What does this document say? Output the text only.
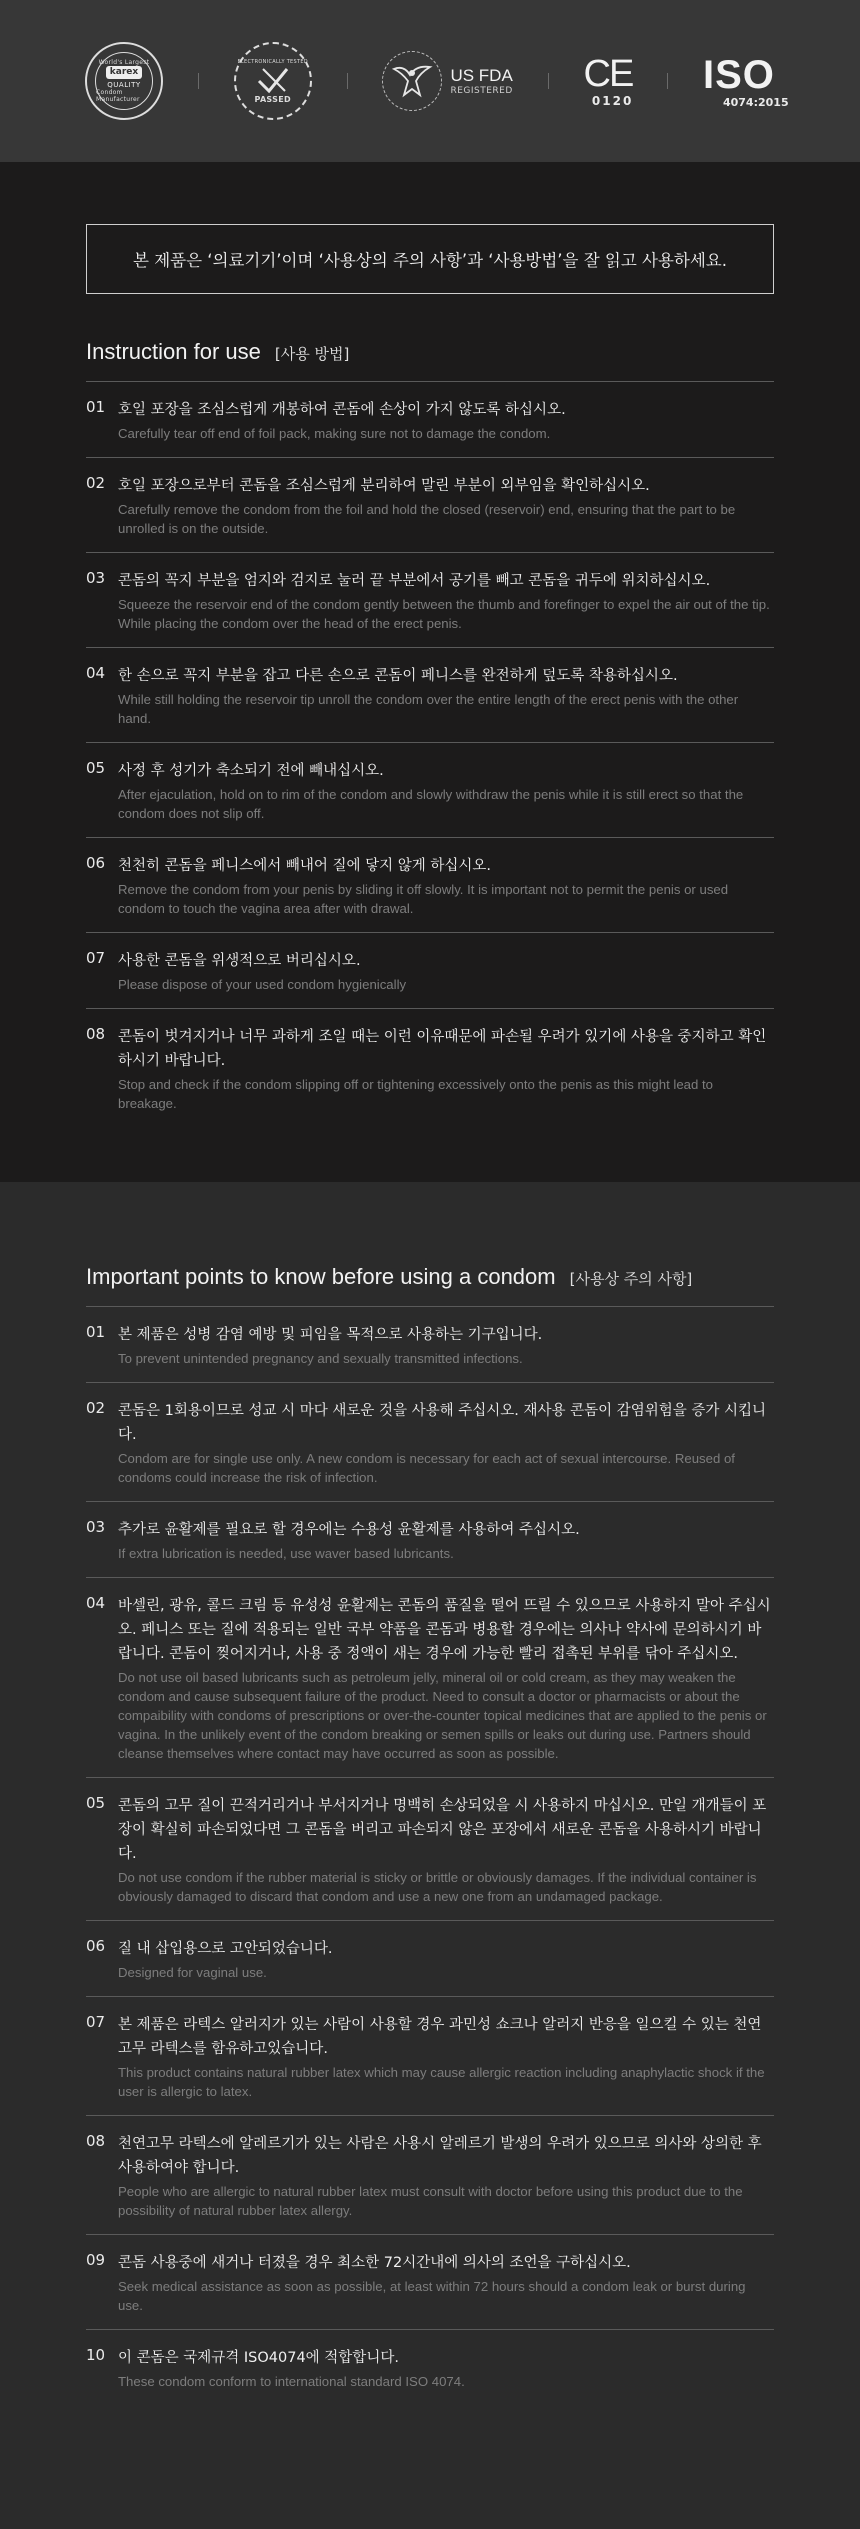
World's Largest
karex
QUALITY
Condom Manufacturer
ELECTRONICALLY TESTED
PASSED
US FDA
REGISTERED CE
0120
ISO
4074:2015
본 제품은 ‘의료기기’이며 ‘사용상의 주의 사항’과 ‘사용방법’을 잘 읽고 사용하세요.
Instruction for use [사용 방법]
01 호일 포장을 조심스럽게 개봉하여 콘돔에 손상이 가지 않도록 하십시오.
Carefully tear off end of foil pack, making sure not to damage the condom.
02 호일 포장으로부터 콘돔을 조심스럽게 분리하여 말린 부분이 외부임을 확인하십시오.
Carefully remove the condom from the foil and hold the closed (reservoir) end, ensuring that the part to be unrolled is on the outside.
03 콘돔의 꼭지 부분을 엄지와 검지로 눌러 끝 부분에서 공기를 빼고 콘돔을 귀두에 위치하십시오.
Squeeze the reservoir end of the condom gently between the thumb and forefinger to expel the air out of the tip. While placing the condom over the head of the erect penis.
04 한 손으로 꼭지 부분을 잡고 다른 손으로 콘돔이 페니스를 완전하게 덮도록 착용하십시오.
While still holding the reservoir tip unroll the condom over the entire length of the erect penis with the other hand.
05 사정 후 성기가 축소되기 전에 빼내십시오.
After ejaculation, hold on to rim of the condom and slowly withdraw the penis while it is still erect so that the condom does not slip off.
06 천천히 콘돔을 페니스에서 빼내어 질에 닿지 않게 하십시오.
Remove the condom from your penis by sliding it off slowly. It is important not to permit the penis or used condom to touch the vagina area after with drawal.
07 사용한 콘돔을 위생적으로 버리십시오.
Please dispose of your used condom hygienically
08 콘돔이 벗겨지거나 너무 과하게 조일 때는 이런 이유때문에 파손될 우려가 있기에 사용을 중지하고 확인하시기 바랍니다.
Stop and check if the condom slipping off or tightening excessively onto the penis as this might lead to breakage.
Important points to know before using a condom [사용상 주의 사항]
01 본 제품은 성병 감염 예방 및 피임을 목적으로 사용하는 기구입니다.
To prevent unintended pregnancy and sexually transmitted infections.
02 콘돔은 1회용이므로 성교 시 마다 새로운 것을 사용해 주십시오. 재사용 콘돔이 감염위험을 증가 시킵니다.
Condom are for single use only. A new condom is necessary for each act of sexual intercourse. Reused of condoms could increase the risk of infection.
03 추가로 윤활제를 필요로 할 경우에는 수용성 윤활제를 사용하여 주십시오.
If extra lubrication is needed, use waver based lubricants.
04 바셀린, 광유, 콜드 크림 등 유성성 윤활제는 콘돔의 품질을 떨어 뜨릴 수 있으므로 사용하지 말아 주십시오. 페니스 또는 질에 적용되는 일반 국부 약품을 콘돔과 병용할 경우에는 의사나 약사에 문의하시기 바랍니다. 콘돔이 찢어지거나, 사용 중 정액이 새는 경우에 가능한 빨리 접촉된 부위를 닦아 주십시오.
Do not use oil based lubricants such as petroleum jelly, mineral oil or cold cream, as they may weaken the condom and cause subsequent failure of the product. Need to consult a doctor or pharmacists or about the compaibility with condoms of prescriptions or over-the-counter topical medicines that are applied to the penis or vagina. In the unlikely event of the condom breaking or semen spills or leaks out during use. Partners should cleanse themselves where contact may have occurred as soon as possible.
05 콘돔의 고무 질이 끈적거리거나 부서지거나 명백히 손상되었을 시 사용하지 마십시오. 만일 개개들이 포장이 확실히 파손되었다면 그 콘돔을 버리고 파손되지 않은 포장에서 새로운 콘돔을 사용하시기 바랍니다.
Do not use condom if the rubber material is sticky or brittle or obviously damages. If the individual container is obviously damaged to discard that condom and use a new one from an undamaged package.
06 질 내 삽입용으로 고안되었습니다.
Designed for vaginal use.
07 본 제품은 라텍스 알러지가 있는 사람이 사용할 경우 과민성 쇼크나 알러지 반응을 일으킬 수 있는 천연고무 라텍스를 함유하고있습니다.
This product contains natural rubber latex which may cause allergic reaction including anaphylactic shock if the user is allergic to latex.
08 천연고무 라텍스에 알레르기가 있는 사람은 사용시 알레르기 발생의 우려가 있으므로 의사와 상의한 후 사용하여야 합니다.
People who are allergic to natural rubber latex must consult with doctor before using this product due to the possibility of natural rubber latex allergy.
09 콘돔 사용중에 새거나 터졌을 경우 최소한 72시간내에 의사의 조언을 구하십시오.
Seek medical assistance as soon as possible, at least within 72 hours should a condom leak or burst during use.
10 이 콘돔은 국제규격 ISO4074에 적합합니다.
These condom conform to international standard ISO 4074.
